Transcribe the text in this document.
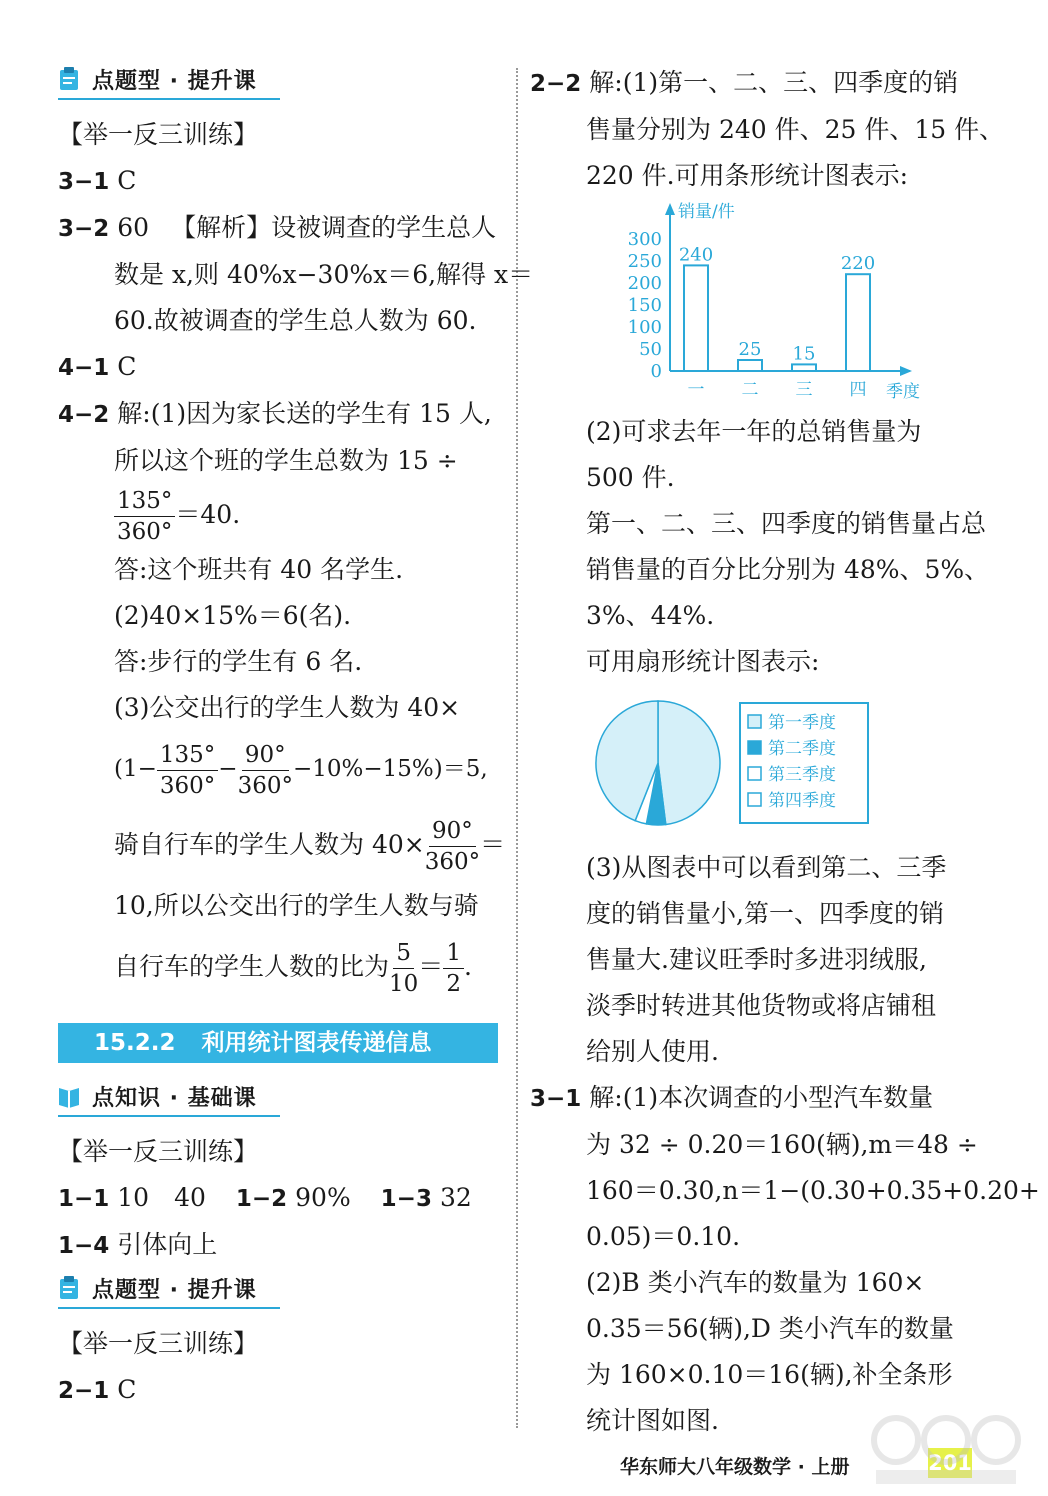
点题型 · 提升课
【举一反三训练】
3−1 C
3−2 60 【解析】设被调查的学生总人
数是 x,则 40%x−30%x＝6,解得 x＝
60.故被调查的学生总人数为 60.
4−1 C
4−2 解:(1)因为家长送的学生有 15 人,
所以这个班的学生总数为 15 ÷
$\frac{135^\circ}{360^\circ} =40$.
答:这个班共有 40 名学生.
(2)40×15%＝6(名).
答:步行的学生有 6 名.
(3)公交出行的学生人数为 40×
$(1- \frac{135^\circ}{360^\circ} - \frac{90^\circ}{360^\circ} -10\%-15\%)=5$,
骑自行车的学生人数为 $40\times \frac{90^\circ}{360^\circ}$ ＝
10,所以公交出行的学生人数与骑
自行车的学生人数的比为 $\frac{5}{10} = \frac{1}{2}$ .
15.2.2 利用统计图表传递信息
点知识 · 基础课
【举一反三训练】
1−1 10　40 1−2 90% 1−3 32
1−4 引体向上
点题型 · 提升课
【举一反三训练】
2−1 C
2−2 解:(1)第一、二、三、四季度的销
售量分别为 240 件、25 件、15 件、
220 件.可用条形统计图表示:
销量/件
季度
0
50
100
150
200
250
300
240
一
25
二
15
三
220
四
(2)可求去年一年的总销售量为
500 件.
第一、二、三、四季度的销售量占总
销售量的百分比分别为 48%、5%、
3%、44%.
可用扇形统计图表示:
第一季度
第二季度
第三季度
第四季度
(3)从图表中可以看到第二、三季
度的销售量小,第一、四季度的销
售量大.建议旺季时多进羽绒服,
淡季时转进其他货物或将店铺租
给别人使用.
3−1 解:(1)本次调查的小型汽车数量
为 32 ÷ 0.20＝160(辆),m＝48 ÷
160＝0.30,n＝1−(0.30+0.35+0.20+
0.05)＝0.10.
(2)B 类小汽车的数量为 160×
0.35＝56(辆),D 类小汽车的数量
为 160×0.10＝16(辆),补全条形
统计图如图.
华东师大八年级数学 · 上册	201
